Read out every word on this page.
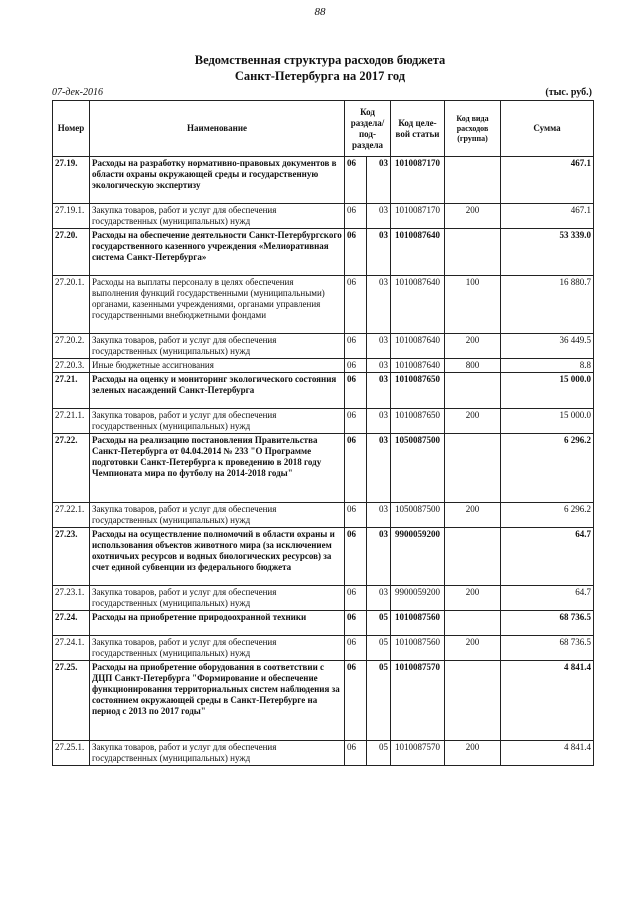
88
Ведомственная структура расходов бюджета
Санкт-Петербурга на 2017 год
07-дек-2016	(тыс. руб.)
Номер	Наименование	Код раздела/ под- раздела		Код целе- вой статьи	Код вида расходов (группа)	Сумма
27.19.	Расходы на разработку нормативно-правовых документов в области охраны окружающей среды и государственную экологическую экспертизу	06	03	1010087170		467.1
27.19.1.	Закупка товаров, работ и услуг для обеспечения государственных (муниципальных) нужд	06	03	1010087170	200	467.1
27.20.	Расходы на обеспечение деятельности Санкт-Петербургского государственного казенного учреждения «Мелиоративная система Санкт-Петербурга»	06	03	1010087640		53 339.0
27.20.1.	Расходы на выплаты персоналу в целях обеспечения выполнения функций государственными (муниципальными) органами, казенными учреждениями, органами управления государственными внебюджетными фондами	06	03	1010087640	100	16 880.7
27.20.2.	Закупка товаров, работ и услуг для обеспечения государственных (муниципальных) нужд	06	03	1010087640	200	36 449.5
27.20.3.	Иные бюджетные ассигнования	06	03	1010087640	800	8.8
27.21.	Расходы на оценку и мониторинг экологического состояния зеленых насаждений Санкт-Петербурга	06	03	1010087650		15 000.0
27.21.1.	Закупка товаров, работ и услуг для обеспечения государственных (муниципальных) нужд	06	03	1010087650	200	15 000.0
27.22.	Расходы на реализацию постановления Правительства Санкт-Петербурга от 04.04.2014 № 233 "О Программе подготовки Санкт-Петербурга к проведению в 2018 году Чемпионата мира по футболу на 2014-2018 годы"	06	03	1050087500		6 296.2
27.22.1.	Закупка товаров, работ и услуг для обеспечения государственных (муниципальных) нужд	06	03	1050087500	200	6 296.2
27.23.	Расходы на осуществление полномочий в области охраны и использования объектов животного мира (за исключением охотничьих ресурсов и водных биологических ресурсов) за счет единой субвенции из федерального бюджета	06	03	9900059200		64.7
27.23.1.	Закупка товаров, работ и услуг для обеспечения государственных (муниципальных) нужд	06	03	9900059200	200	64.7
27.24.	Расходы на приобретение природоохранной техники	06	05	1010087560		68 736.5
27.24.1.	Закупка товаров, работ и услуг для обеспечения государственных (муниципальных) нужд	06	05	1010087560	200	68 736.5
27.25.	Расходы на приобретение оборудования в соответствии с ДЦП Санкт-Петербурга "Формирование и обеспечение функционирования территориальных систем наблюдения за состоянием окружающей среды в Санкт-Петербурге на период с 2013 по 2017 годы"	06	05	1010087570		4 841.4
27.25.1.	Закупка товаров, работ и услуг для обеспечения государственных (муниципальных) нужд	06	05	1010087570	200	4 841.4
